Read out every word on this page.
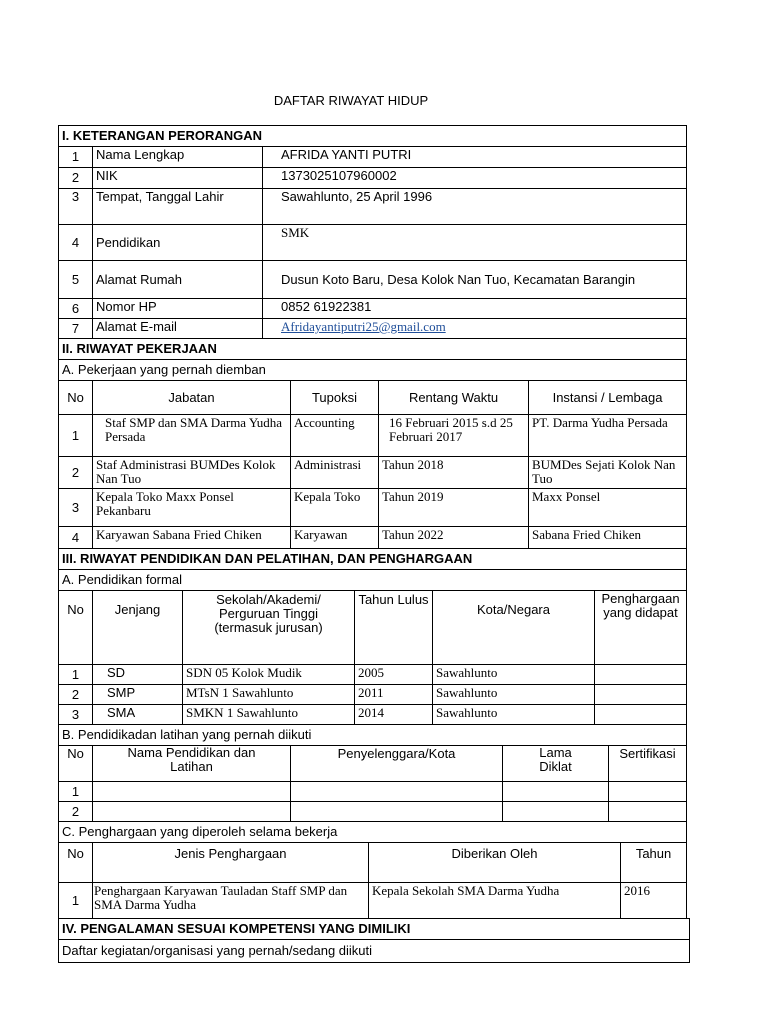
DAFTAR RIWAYAT HIDUP
I. KETERANGAN PERORANGAN		
1	Nama Lengkap	AFRIDA YANTI PUTRI
2	NIK	1373025107960002
3	Tempat, Tanggal Lahir	Sawahlunto, 25 April 1996
4	Pendidikan	SMK
5	Alamat Rumah	Dusun Koto Baru, Desa Kolok Nan Tuo, Kecamatan Barangin
6	Nomor HP	0852 61922381
7	Alamat E-mail	Afridayantiputri25@gmail.com
II. RIWAYAT PEKERJAAN				
A. Pekerjaan yang pernah diemban				
No	Jabatan	Tupoksi	Rentang Waktu	Instansi / Lembaga
1	Staf SMP dan SMA Darma Yudha Persada	Accounting	16 Februari 2015 s.d 25 Februari 2017	PT. Darma Yudha Persada
2	Staf Administrasi BUMDes Kolok Nan Tuo	Administrasi	Tahun 2018	BUMDes Sejati Kolok Nan Tuo
3	Kepala Toko Maxx Ponsel Pekanbaru	Kepala Toko	Tahun 2019	Maxx Ponsel
4	Karyawan Sabana Fried Chiken	Karyawan	Tahun 2022	Sabana Fried Chiken
III. RIWAYAT PENDIDIKAN DAN PELATIHAN, DAN PENGHARGAAN					
A. Pendidikan formal					
No	Jenjang	Sekolah/Akademi/ Perguruan Tinggi (termasuk jurusan)	Tahun Lulus	Kota/Negara	Penghargaan yang didapat
1	SD	SDN 05 Kolok Mudik	2005	Sawahlunto	
2	SMP	MTsN 1 Sawahlunto	2011	Sawahlunto	
3	SMA	SMKN 1 Sawahlunto	2014	Sawahlunto	
B. Pendidikadan latihan yang pernah diikuti				
No	Nama Pendidikan dan Latihan	Penyelenggara/Kota	Lama Diklat	Sertifikasi
1				
2				
C. Penghargaan yang diperoleh selama bekerja			
No	Jenis Penghargaan	Diberikan Oleh	Tahun
1	Penghargaan Karyawan Tauladan Staff SMP dan SMA Darma Yudha	Kepala Sekolah SMA Darma Yudha	2016
IV. PENGALAMAN SESUAI KOMPETENSI YANG DIMILIKI
Daftar kegiatan/organisasi yang pernah/sedang diikuti
